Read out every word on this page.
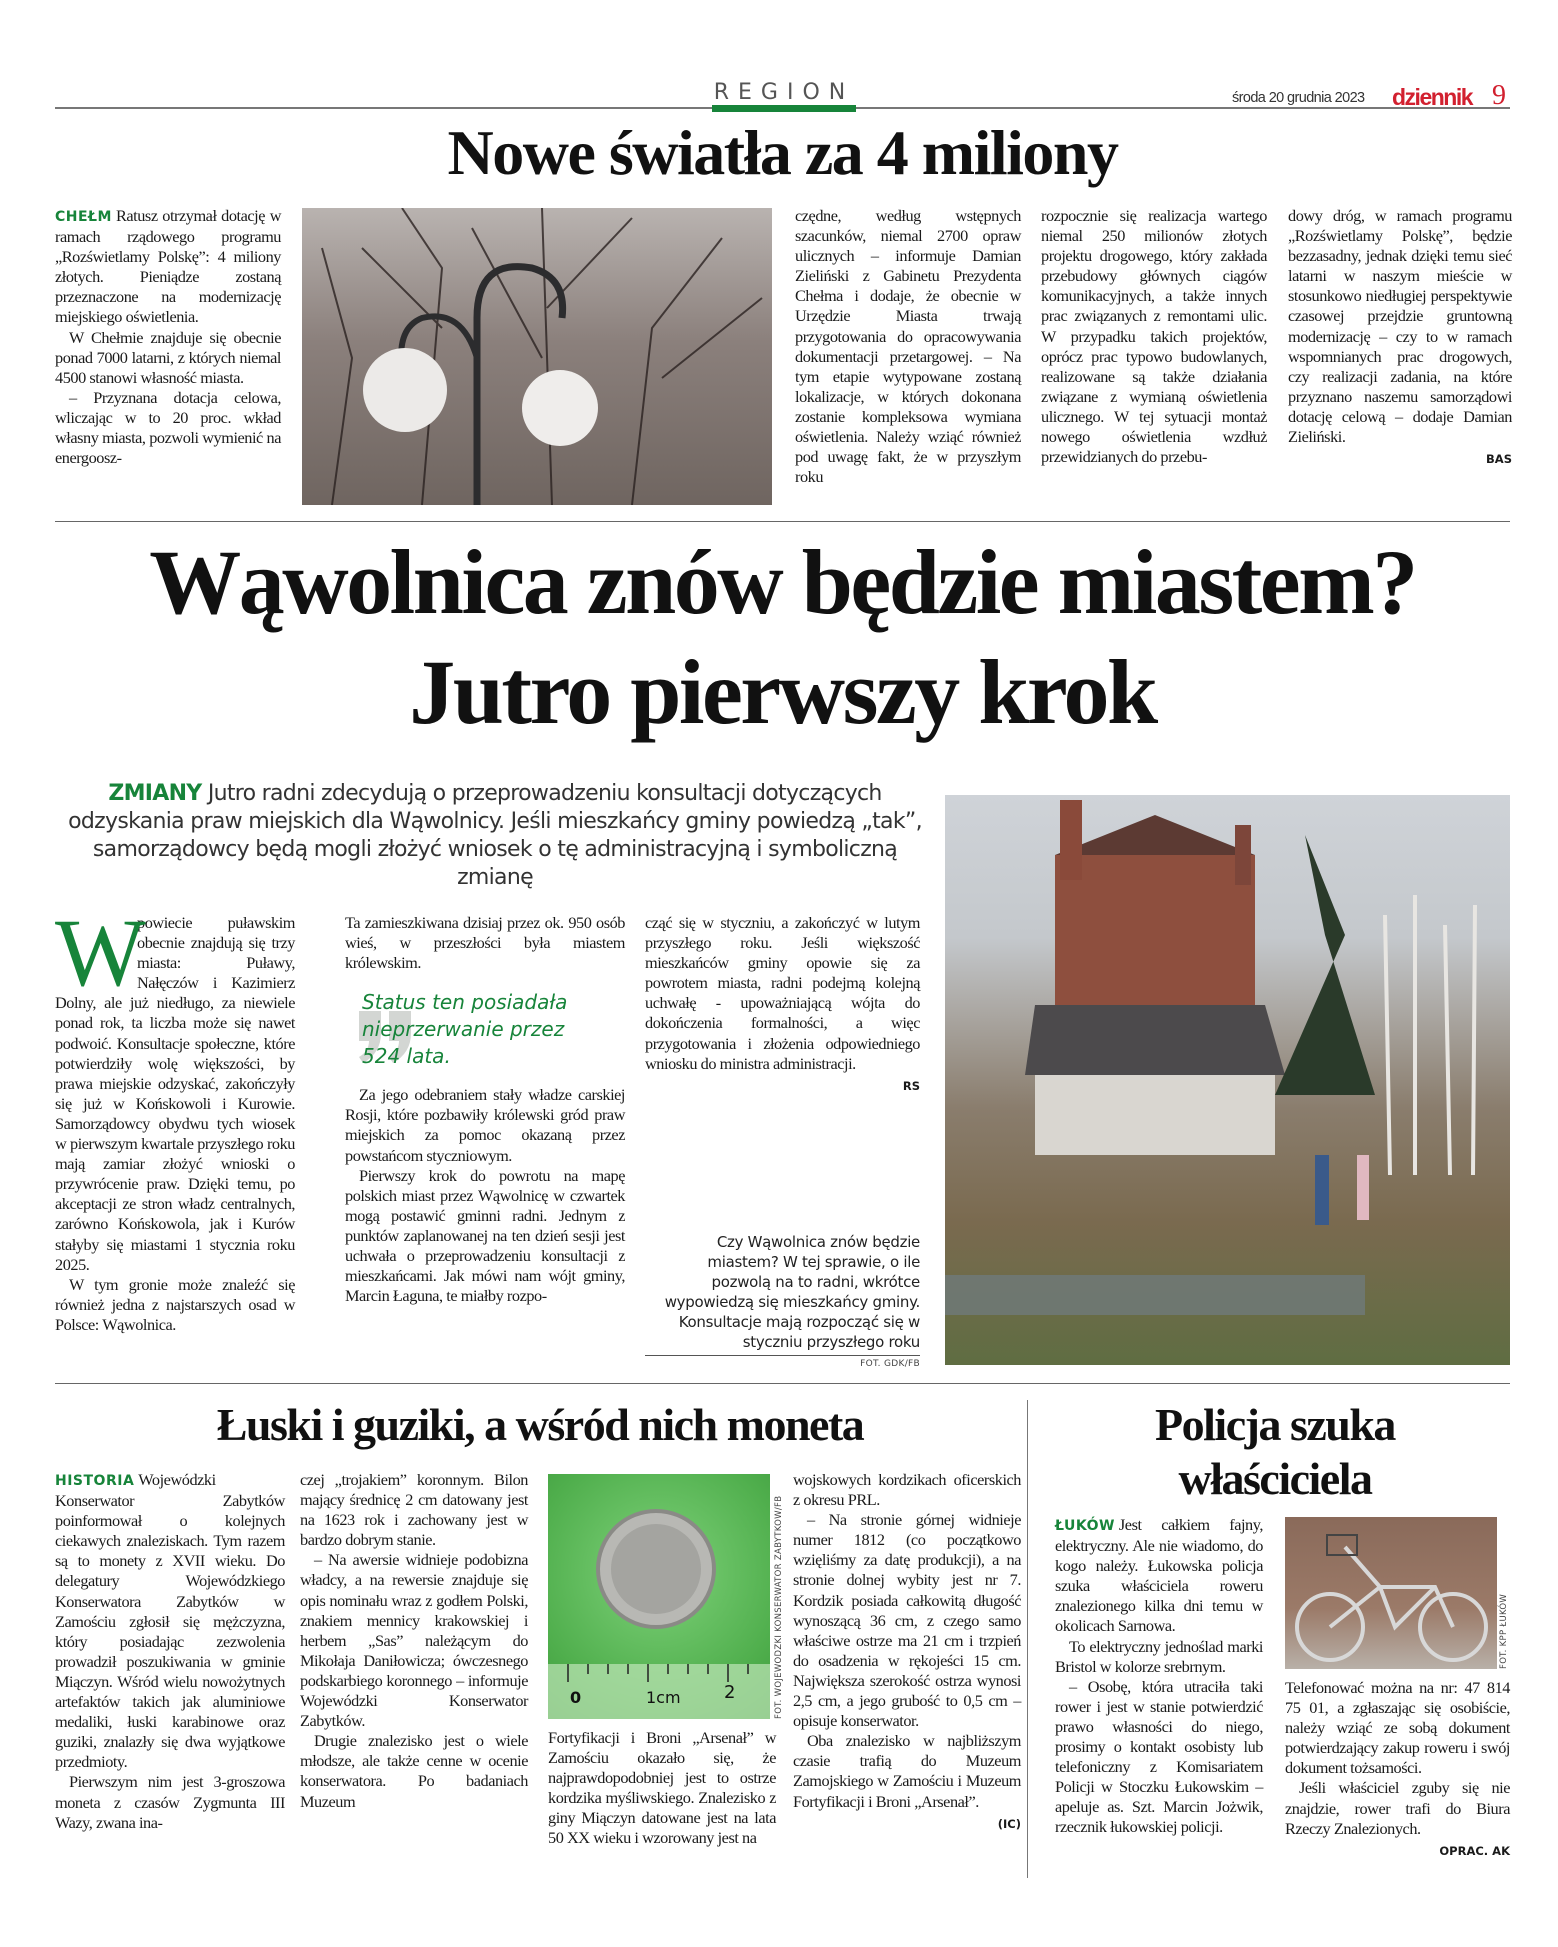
REGION	środa 20 grudnia 2023 dziennik 9
Nowe światła za 4 miliony

CHEŁM Ratusz otrzymał dotację w ramach rządowego programu „Rozświetlamy Polskę”: 4 miliony złotych. Pieniądze zostaną przeznaczone na modernizację miejskiego oświetlenia.

W Chełmie znajduje się obecnie ponad 7000 latarni, z których niemal 4500 stanowi własność miasta.

– Przyznana dotacja celowa, wliczając w to 20 proc. wkład własny miasta, pozwoli wymienić na energoosz-

czędne, według wstępnych szacunków, niemal 2700 opraw ulicznych – informuje Damian Zieliński z Gabinetu Prezydenta Chełma i dodaje, że obecnie w Urzędzie Miasta trwają przygotowania do opracowywania dokumentacji przetargowej. – Na tym etapie wytypowane zostaną lokalizacje, w których dokonana zostanie kompleksowa wymiana oświetlenia. Należy wziąć również pod uwagę fakt, że w przyszłym roku

rozpocznie się realizacja wartego niemal 250 milionów złotych projektu drogowego, który zakłada przebudowy głównych ciągów komunikacyjnych, a także innych prac związanych z remontami ulic. W przypadku takich projektów, oprócz prac typowo budowlanych, realizowane są także działania związane z wymianą oświetlenia ulicznego. W tej sytuacji montaż nowego oświetlenia wzdłuż przewidzianych do przebu-

dowy dróg, w ramach programu „Rozświetlamy Polskę”, będzie bezzasadny, jednak dzięki temu sieć latarni w naszym mieście w stosunkowo niedługiej perspektywie czasowej przejdzie gruntowną modernizację – czy to w ramach wspomnianych prac drogowych, czy realizacji zadania, na które przyznano naszemu samorządowi dotację celową – dodaje Damian Zieliński.

BAS
Wąwolnica znów będzie miastem?
Jutro pierwszy krok
ZMIANY Jutro radni zdecydują o przeprowadzeniu konsultacji dotyczących odzyskania praw miejskich dla Wąwolnicy. Jeśli mieszkańcy gminy powiedzą „tak”, samorządowcy będą mogli złożyć wniosek o tę administracyjną i symboliczną zmianę
W

powiecie puławskim obecnie znajdują się trzy miasta: Puławy, Nałęczów i Kazimierz Dolny, ale już niedługo, za niewiele ponad rok, ta liczba może się nawet podwoić. Konsultacje społeczne, które potwierdziły wolę większości, by prawa miejskie odzyskać, zakończyły się już w Końskowoli i Kurowie. Samorządowcy obydwu tych wiosek w pierwszym kwartale przyszłego roku mają zamiar złożyć wnioski o przywrócenie praw. Dzięki temu, po akceptacji ze stron władz centralnych, zarówno Końskowola, jak i Kurów stałyby się miastami 1 stycznia roku 2025.

W tym gronie może znaleźć się również jedna z najstarszych osad w Polsce: Wąwolnica.

Ta zamieszkiwana dzisiaj przez ok. 950 osób wieś, w przeszłości była miastem królewskim.

Status ten posiadała nieprzerwanie przez 524 lata.

Za jego odebraniem stały władze carskiej Rosji, które pozbawiły królewski gród praw miejskich za pomoc okazaną przez powstańcom styczniowym.

Pierwszy krok do powrotu na mapę polskich miast przez Wąwolnicę w czwartek mogą postawić gminni radni. Jednym z punktów zaplanowanej na ten dzień sesji jest uchwała o przeprowadzeniu konsultacji z mieszkańcami. Jak mówi nam wójt gminy, Marcin Łaguna, te miałby rozpo-

cząć się w styczniu, a zakończyć w lutym przyszłego roku. Jeśli większość mieszkańców gminy opowie się za powrotem miasta, radni podejmą kolejną uchwałę - upoważniającą wójta do dokończenia formalności, a więc przygotowania i złożenia odpowiedniego wniosku do ministra administracji.

RS
Czy Wąwolnica znów będzie miastem? W tej sprawie, o ile pozwolą na to radni, wkrótce wypowiedzą się mieszkańcy gminy. Konsultacje mają rozpocząć się w styczniu przyszłego roku
FOT. GDK/FB
Łuski i guziki, a wśród nich moneta

HISTORIA Wojewódzki Konserwator Zabytków poinformował o kolejnych ciekawych znaleziskach. Tym razem są to monety z XVII wieku. Do delegatury Wojewódzkiego Konserwatora Zabytków w Zamościu zgłosił się mężczyzna, który posiadając zezwolenia prowadził poszukiwania w gminie Miączyn. Wśród wielu nowożytnych artefaktów takich jak aluminiowe medaliki, łuski karabinowe oraz guziki, znalazły się dwa wyjątkowe przedmioty.

Pierwszym nim jest 3-groszowa moneta z czasów Zygmunta III Wazy, zwana ina-

czej „trojakiem” koronnym. Bilon mający średnicę 2 cm datowany jest na 1623 rok i zachowany jest w bardzo dobrym stanie.

– Na awersie widnieje podobizna władcy, a na rewersie znajduje się opis nominału wraz z godłem Polski, znakiem mennicy krakowskiej i herbem „Sas” należącym do Mikołaja Daniłowicza; ówczesnego podskarbiego koronnego – informuje Wojewódzki Konserwator Zabytków.

Drugie znalezisko jest o wiele młodsze, ale także cenne w ocenie konserwatora. Po badaniach Muzeum

0	1cm 2	FOT. WOJEWÓDZKI KONSERWATOR ZABYTKÓW/FB

Fortyfikacji i Broni „Arsenał” w Zamościu okazało się, że najprawdopodobniej jest to ostrze kordzika myśliwskiego. Znalezisko z giny Miączyn datowane jest na lata 50 XX wieku i wzorowany jest na

wojskowych kordzikach oficerskich z okresu PRL.

– Na stronie górnej widnieje numer 1812 (co początkowo wzięliśmy za datę produkcji), a na stronie dolnej wybity jest nr 7. Kordzik posiada całkowitą długość wynoszącą 36 cm, z czego samo właściwe ostrze ma 21 cm i trzpień do osadzenia w rękojeści 15 cm. Największa szerokość ostrza wynosi 2,5 cm, a jego grubość to 0,5 cm – opisuje konserwator.

Oba znalezisko w najbliższym czasie trafią do Muzeum Zamojskiego w Zamościu i Muzeum Fortyfikacji i Broni „Arsenał”.

(IC)
Policja szuka
właściciela

ŁUKÓW Jest całkiem fajny, elektryczny. Ale nie wiadomo, do kogo należy. Łukowska policja szuka właściciela roweru znalezionego kilka dni temu w okolicach Sarnowa.

To elektryczny jednoślad marki Bristol w kolorze srebrnym.

– Osobę, która utraciła taki rower i jest w stanie potwierdzić prawo własności do niego, prosimy o kontakt osobisty lub telefoniczny z Komisariatem Policji w Stoczku Łukowskim – apeluje as. Szt. Marcin Jożwik, rzecznik łukowskiej policji.

FOT. KPP ŁUKÓW

Telefonować można na nr: 47 814 75 01, a zgłaszając się osobiście, należy wziąć ze sobą dokument potwierdzający zakup roweru i swój dokument tożsamości.

Jeśli właściciel zguby się nie znajdzie, rower trafi do Biura Rzeczy Znalezionych.

OPRAC. AK
